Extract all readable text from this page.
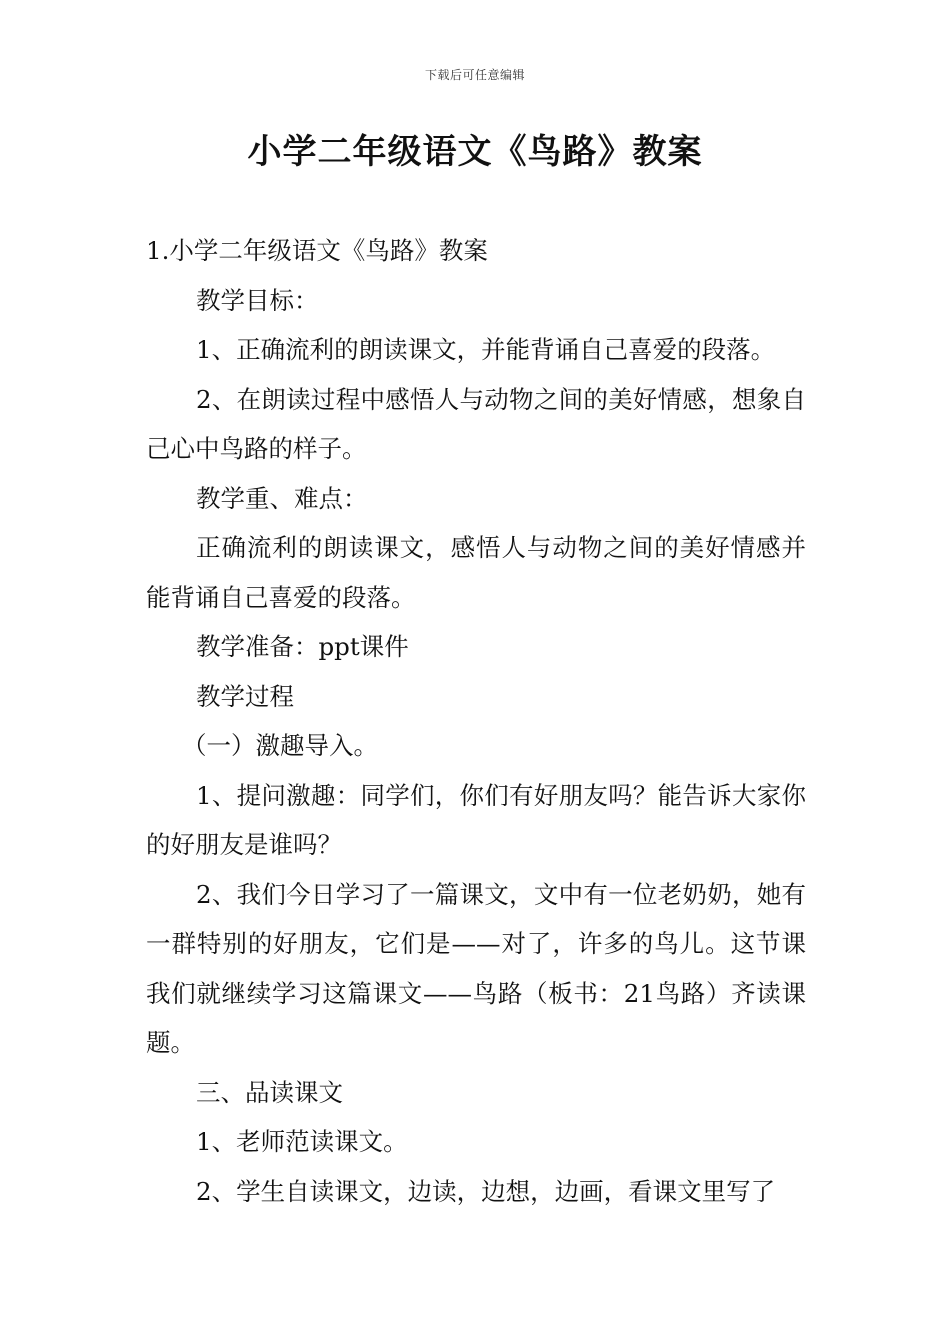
下载后可任意编辑
小学二年级语文《鸟路》教案

1.小学二年级语文《鸟路》教案

教学目标：

1、正确流利的朗读课文，并能背诵自己喜爱的段落。

2、在朗读过程中感悟人与动物之间的美好情感，想象自己心中鸟路的样子。

教学重、难点：

正确流利的朗读课文，感悟人与动物之间的美好情感并能背诵自己喜爱的段落。

教学准备：ppt课件

教学过程

（一）激趣导入。

1、提问激趣：同学们，你们有好朋友吗？能告诉大家你的好朋友是谁吗？

2、我们今日学习了一篇课文，文中有一位老奶奶，她有一群特别的好朋友，它们是——对了，许多的鸟儿。这节课我们就继续学习这篇课文——鸟路（板书：21鸟路）齐读课题。

三、品读课文

1、老师范读课文。

2、学生自读课文，边读，边想，边画，看课文里写了
